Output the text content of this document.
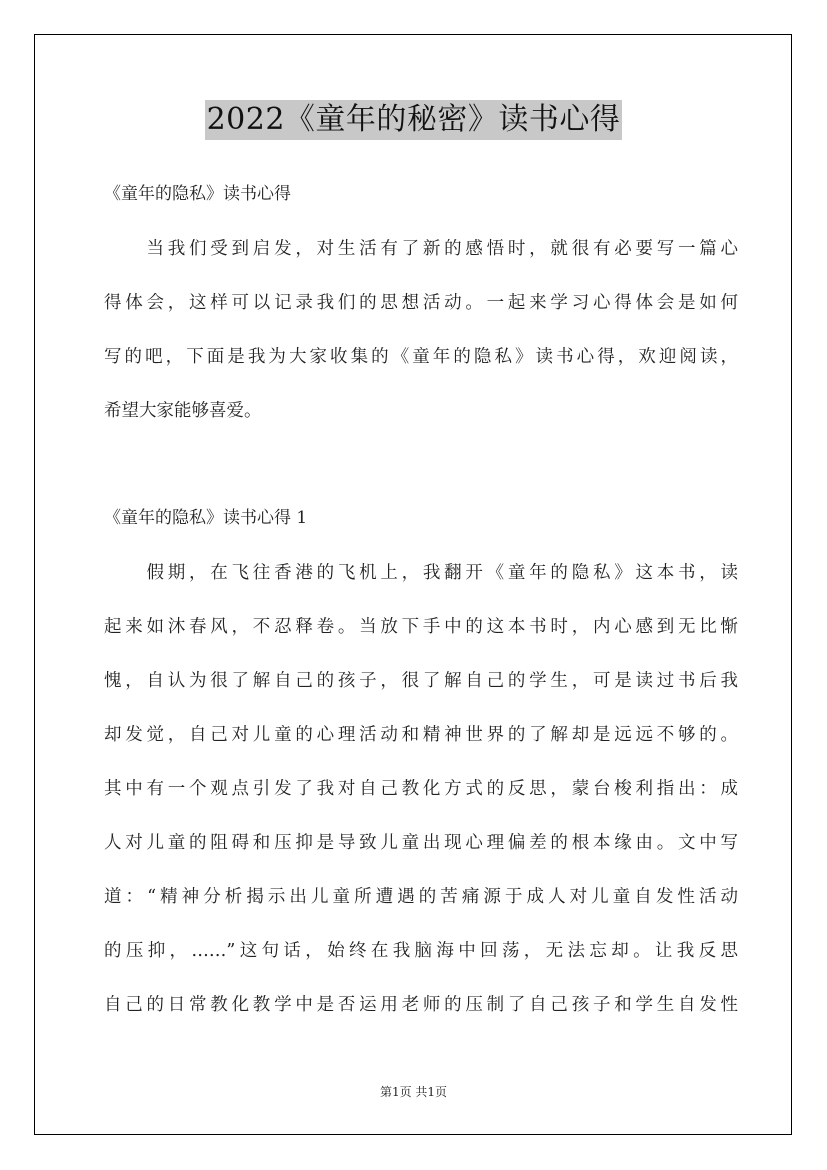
2022《童年的秘密》读书心得
《童年的隐私》读书心得
　　当我们受到启发，对生活有了新的感悟时，就很有必要写一篇心
得体会，这样可以记录我们的思想活动。一起来学习心得体会是如何
写的吧，下面是我为大家收集的《童年的隐私》读书心得，欢迎阅读，
希望大家能够喜爱。
《童年的隐私》读书心得 1
　　假期，在飞往香港的飞机上，我翻开《童年的隐私》这本书，读
起来如沐春风，不忍释卷。当放下手中的这本书时，内心感到无比惭
愧，自认为很了解自己的孩子，很了解自己的学生，可是读过书后我
却发觉，自己对儿童的心理活动和精神世界的了解却是远远不够的。
其中有一个观点引发了我对自己教化方式的反思，蒙台梭利指出：成
人对儿童的阻碍和压抑是导致儿童出现心理偏差的根本缘由。文中写
道：“精神分析揭示出儿童所遭遇的苦痛源于成人对儿童自发性活动
的压抑，……”这句话，始终在我脑海中回荡，无法忘却。让我反思
自己的日常教化教学中是否运用老师的压制了自己孩子和学生自发性
第1页 共1页
